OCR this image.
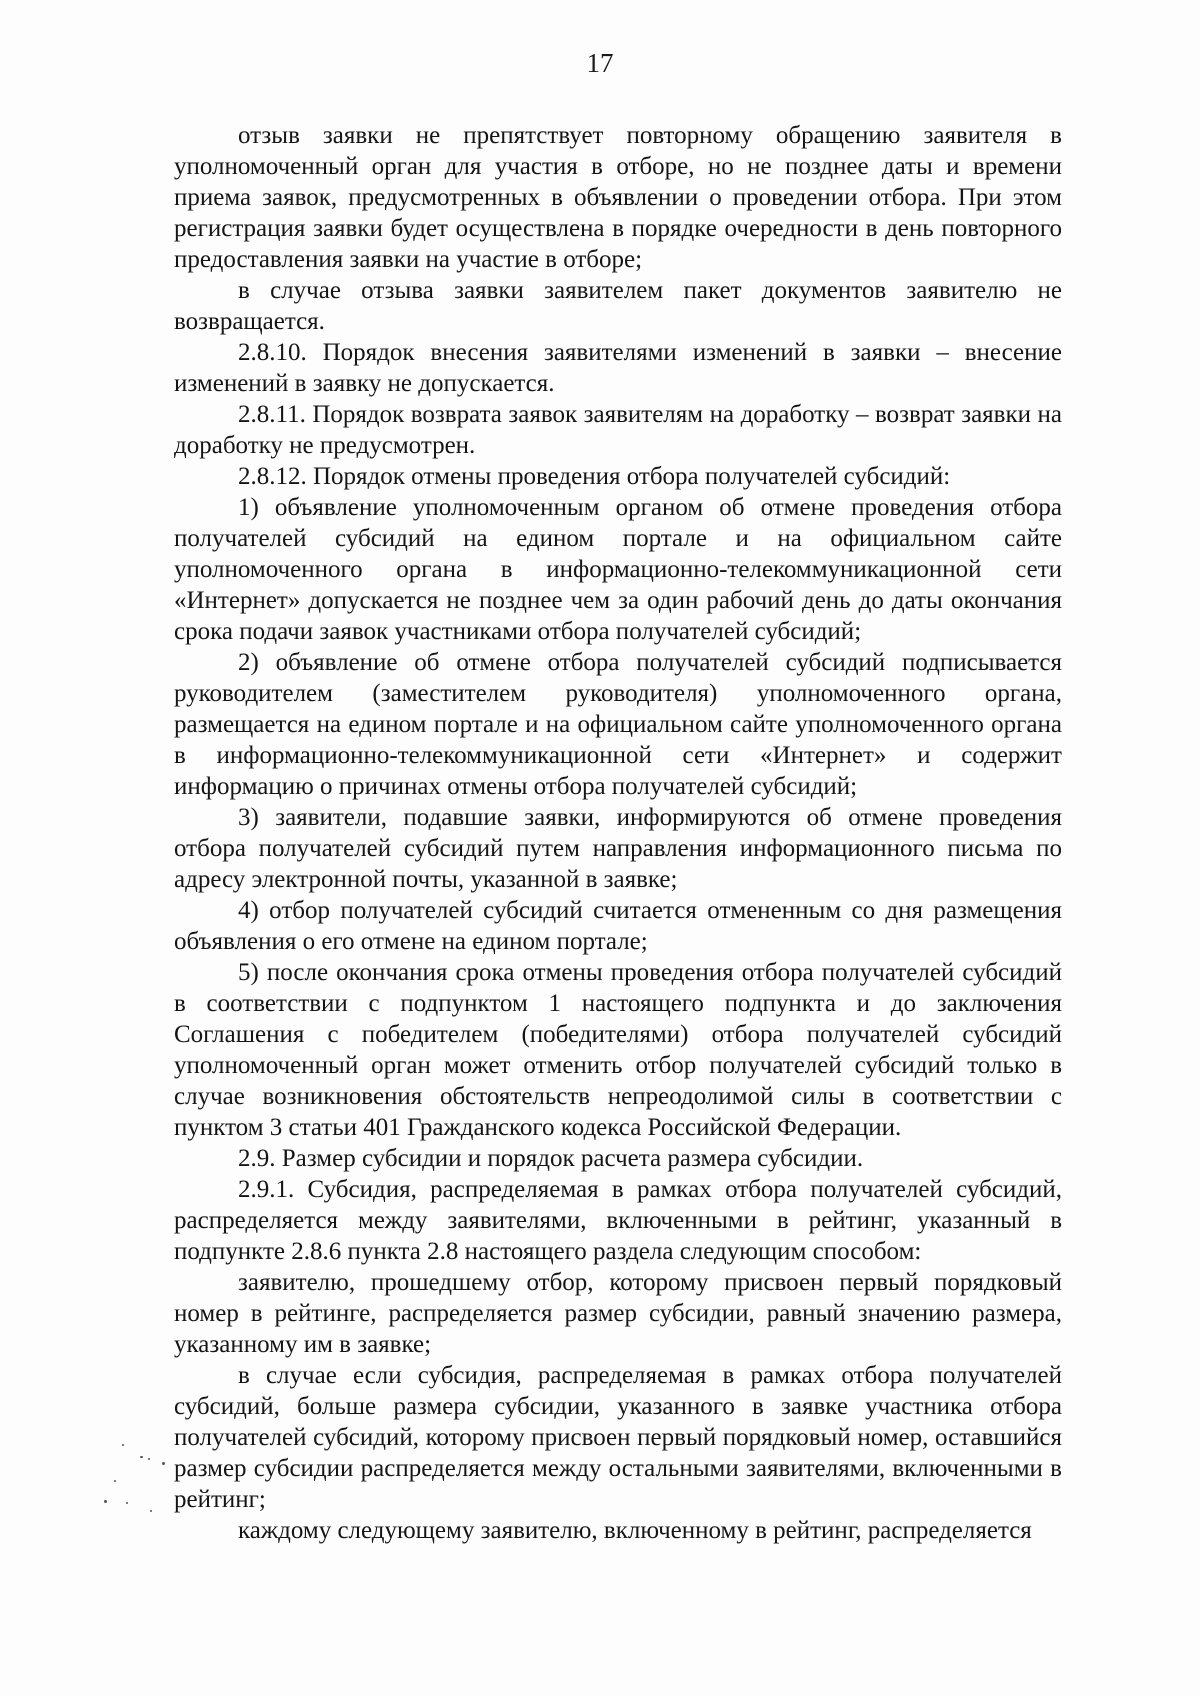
17

отзыв заявки не препятствует повторному обращению заявителя в уполномоченный орган для участия в отборе, но не позднее даты и времени приема заявок, предусмотренных в объявлении о проведении отбора. При этом регистрация заявки будет осуществлена в порядке очередности в день повторного предоставления заявки на участие в отборе;

в случае отзыва заявки заявителем пакет документов заявителю не возвращается.

2.8.10. Порядок внесения заявителями изменений в заявки – внесение изменений в заявку не допускается.

2.8.11. Порядок возврата заявок заявителям на доработку – возврат заявки на доработку не предусмотрен.

2.8.12. Порядок отмены проведения отбора получателей субсидий:

1) объявление уполномоченным органом об отмене проведения отбора получателей субсидий на едином портале и на официальном сайте уполномоченного органа в информационно-телекоммуникационной сети «Интернет» допускается не позднее чем за один рабочий день до даты окончания срока подачи заявок участниками отбора получателей субсидий;

2) объявление об отмене отбора получателей субсидий подписывается руководителем (заместителем руководителя) уполномоченного органа, размещается на едином портале и на официальном сайте уполномоченного органа в информационно-телекоммуникационной сети «Интернет» и содержит информацию о причинах отмены отбора получателей субсидий;

3) заявители, подавшие заявки, информируются об отмене проведения отбора получателей субсидий путем направления информационного письма по адресу электронной почты, указанной в заявке;

4) отбор получателей субсидий считается отмененным со дня размещения объявления о его отмене на едином портале;

5) после окончания срока отмены проведения отбора получателей субсидий в соответствии с подпунктом 1 настоящего подпункта и до заключения Соглашения с победителем (победителями) отбора получателей субсидий уполномоченный орган может отменить отбор получателей субсидий только в случае возникновения обстоятельств непреодолимой силы в соответствии с пунктом 3 статьи 401 Гражданского кодекса Российской Федерации.

2.9. Размер субсидии и порядок расчета размера субсидии.

2.9.1. Субсидия, распределяемая в рамках отбора получателей субсидий, распределяется между заявителями, включенными в рейтинг, указанный в подпункте 2.8.6 пункта 2.8 настоящего раздела следующим способом:

заявителю, прошедшему отбор, которому присвоен первый порядковый номер в рейтинге, распределяется размер субсидии, равный значению размера, указанному им в заявке;

в случае если субсидия, распределяемая в рамках отбора получателей субсидий, больше размера субсидии, указанного в заявке участника отбора получателей субсидий, которому присвоен первый порядковый номер, оставшийся размер субсидии распределяется между остальными заявителями, включенными в рейтинг;

каждому следующему заявителю, включенному в рейтинг, распределяется
